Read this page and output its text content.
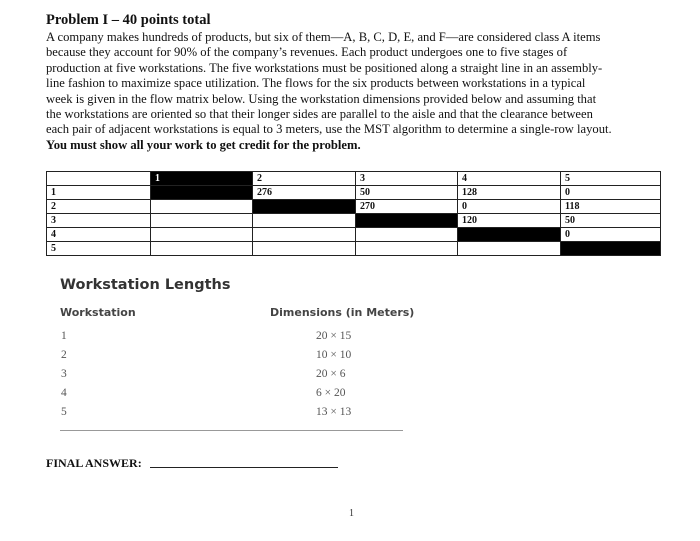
Problem I – 40 points total
A company makes hundreds of products, but six of them—A, B, C, D, E, and F—are considered class A items
because they account for 90% of the company’s revenues. Each product undergoes one to five stages of
production at five workstations. The five workstations must be positioned along a straight line in an assembly-
line fashion to maximize space utilization. The flows for the six products between workstations in a typical
week is given in the flow matrix below. Using the workstation dimensions provided below and assuming that
the workstations are oriented so that their longer sides are parallel to the aisle and that the clearance between
each pair of adjacent workstations is equal to 3 meters, use the MST algorithm to determine a single-row layout.
You must show all your work to get credit for the problem.
	1	2	3	4	5
1		276	50	128	0
2			270	0	118
3				120	50
4					0
5					
Workstation Lengths
Workstation	Dimensions (in Meters)
1	20 × 15
2	10 × 10
3	20 × 6
4	6 × 20
5	13 × 13
FINAL ANSWER:
1
